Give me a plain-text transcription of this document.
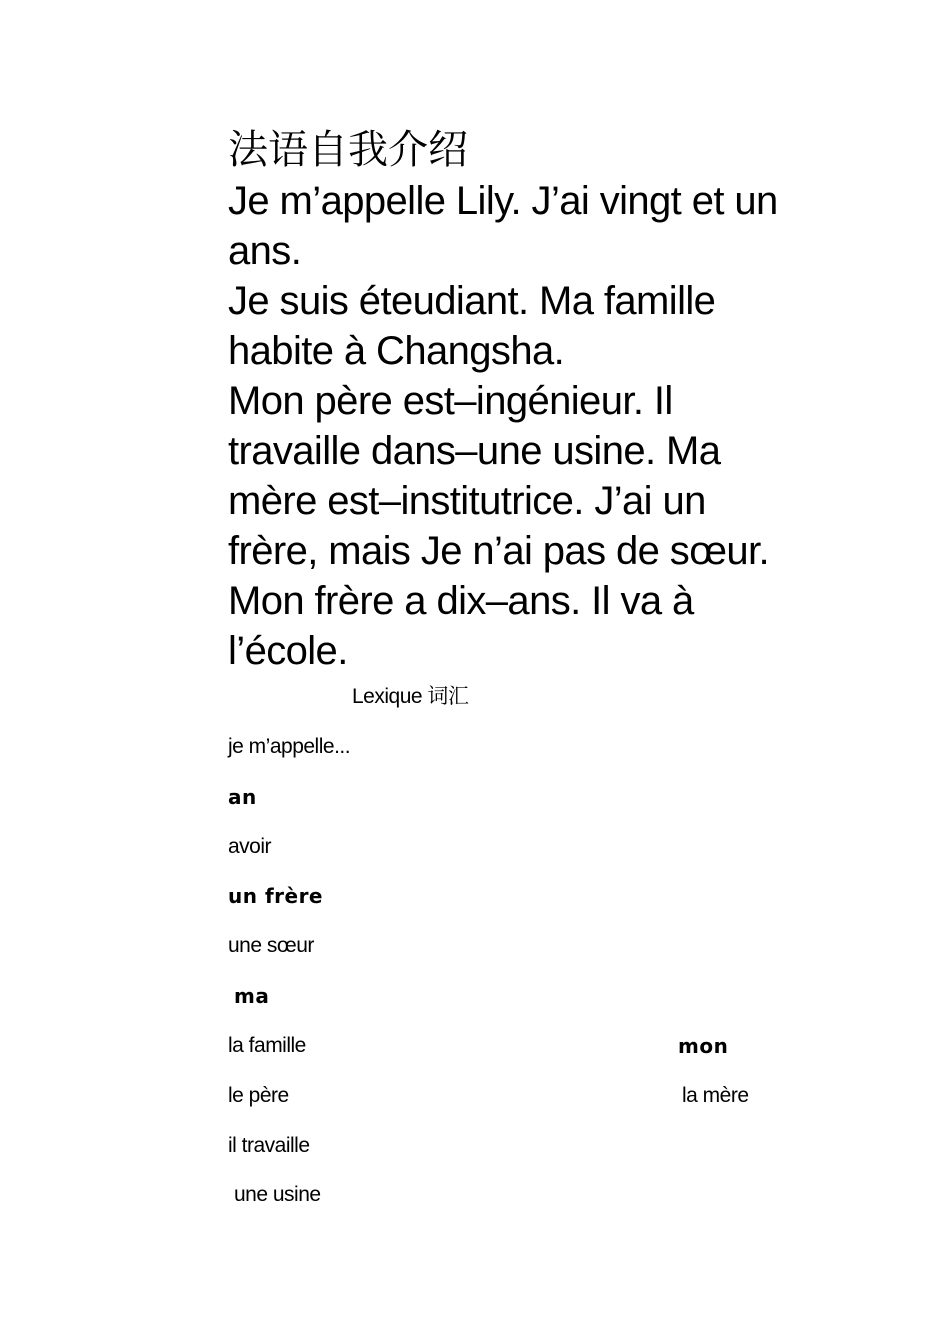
法语自我介绍

Je m’appelle Lily. J’ai vingt et un ans.

Je suis éteudiant. Ma famille habite à Changsha.

Mon père est–ingénieur. Il travaille dans–une usine. Ma mère est–institutrice. J’ai un frère, mais Je n’ai pas de sœur. Mon frère a dix–ans. Il va à l’école.

Lexique 词汇
je m’appelle...
an
avoir
un frère
une sœur
ma
la famille	mon
le père	la mère
il travaille
une usine
